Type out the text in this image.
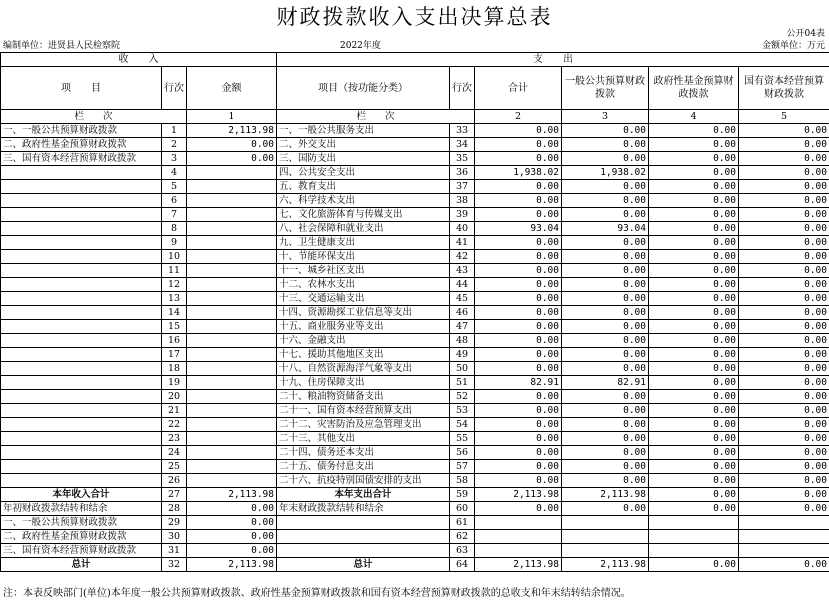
财政拨款收入支出决算总表
公开04表
编制单位：进贤县人民检察院	2022年度	金额单位：万元
收　　入			支　　出					
项　　目	行次	金额	项目（按功能分类）	行次	合计	一般公共预算财政拨款	政府性基金预算财政拨款	国有资本经营预算财政拨款
栏　　次		1	栏　　次		2	3	4	5
一、一般公共预算财政拨款	1	2,113.98	一、一般公共服务支出	33	0.00	0.00	0.00	0.00
二、政府性基金预算财政拨款	2	0.00	二、外交支出	34	0.00	0.00	0.00	0.00
三、国有资本经营预算财政拨款	3	0.00	三、国防支出	35	0.00	0.00	0.00	0.00
	4		四、公共安全支出	36	1,938.02	1,938.02	0.00	0.00
	5		五、教育支出	37	0.00	0.00	0.00	0.00
	6		六、科学技术支出	38	0.00	0.00	0.00	0.00
	7		七、文化旅游体育与传媒支出	39	0.00	0.00	0.00	0.00
	8		八、社会保障和就业支出	40	93.04	93.04	0.00	0.00
	9		九、卫生健康支出	41	0.00	0.00	0.00	0.00
	10		十、节能环保支出	42	0.00	0.00	0.00	0.00
	11		十一、城乡社区支出	43	0.00	0.00	0.00	0.00
	12		十二、农林水支出	44	0.00	0.00	0.00	0.00
	13		十三、交通运输支出	45	0.00	0.00	0.00	0.00
	14		十四、资源勘探工业信息等支出	46	0.00	0.00	0.00	0.00
	15		十五、商业服务业等支出	47	0.00	0.00	0.00	0.00
	16		十六、金融支出	48	0.00	0.00	0.00	0.00
	17		十七、援助其他地区支出	49	0.00	0.00	0.00	0.00
	18		十八、自然资源海洋气象等支出	50	0.00	0.00	0.00	0.00
	19		十九、住房保障支出	51	82.91	82.91	0.00	0.00
	20		二十、粮油物资储备支出	52	0.00	0.00	0.00	0.00
	21		二十一、国有资本经营预算支出	53	0.00	0.00	0.00	0.00
	22		二十二、灾害防治及应急管理支出	54	0.00	0.00	0.00	0.00
	23		二十三、其他支出	55	0.00	0.00	0.00	0.00
	24		二十四、债务还本支出	56	0.00	0.00	0.00	0.00
	25		二十五、债务付息支出	57	0.00	0.00	0.00	0.00
	26		二十六、抗疫特别国债安排的支出	58	0.00	0.00	0.00	0.00
本年收入合计	27	2,113.98	本年支出合计	59	2,113.98	2,113.98	0.00	0.00
年初财政拨款结转和结余	28	0.00	年末财政拨款结转和结余	60	0.00	0.00	0.00	0.00
一、一般公共预算财政拨款	29	0.00		61				
二、政府性基金预算财政拨款	30	0.00		62				
三、国有资本经营预算财政拨款	31	0.00		63				
总计	32	2,113.98	总计	64	2,113.98	2,113.98	0.00	0.00
注：本表反映部门(单位)本年度一般公共预算财政拨款、政府性基金预算财政拨款和国有资本经营预算财政拨款的总收支和年末结转结余情况。
